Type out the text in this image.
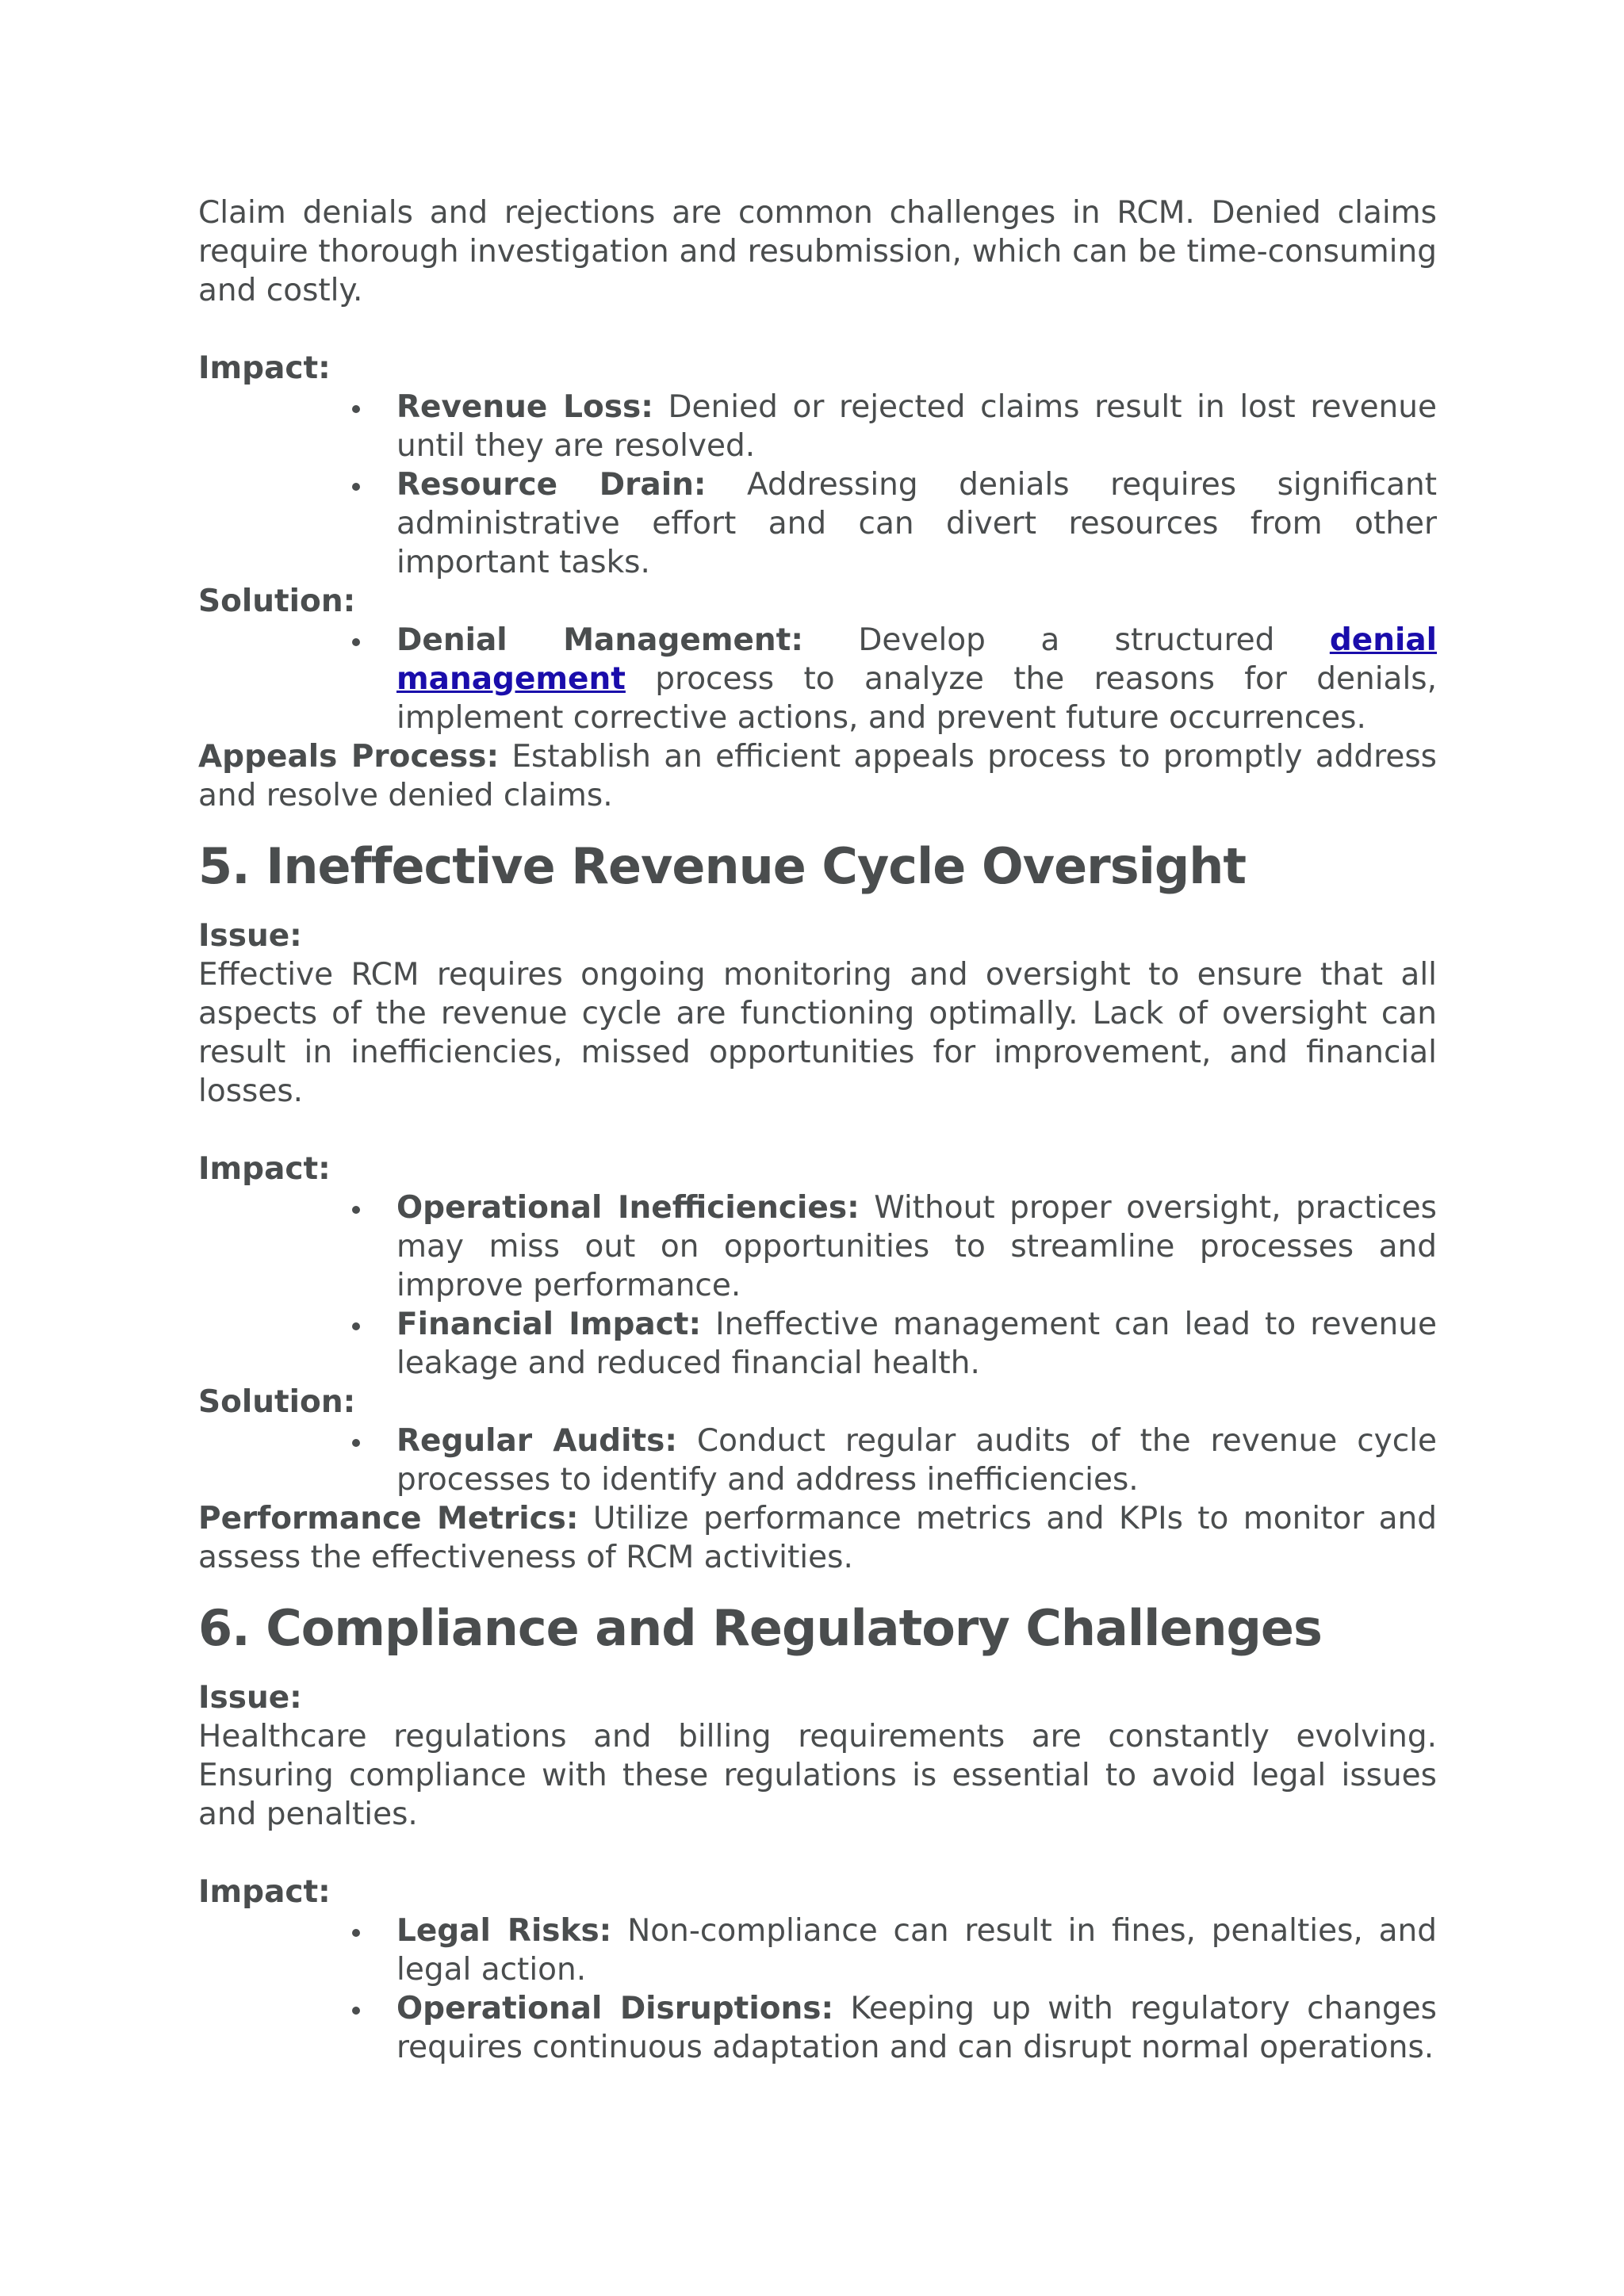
Claim denials and rejections are common challenges in RCM. Denied claims require thorough investigation and resubmission, which can be time-consuming and costly.

Impact:
Revenue Loss: Denied or rejected claims result in lost revenue until they are resolved.
Resource Drain: Addressing denials requires significant administrative effort and can divert resources from other important tasks.
Solution:
Denial Management: Develop a structured denial management process to analyze the reasons for denials, implement corrective actions, and prevent future occurrences.

Appeals Process: Establish an efficient appeals process to promptly address and resolve denied claims.

5. Ineffective Revenue Cycle Oversight
Issue:

Effective RCM requires ongoing monitoring and oversight to ensure that all aspects of the revenue cycle are functioning optimally. Lack of oversight can result in inefficiencies, missed opportunities for improvement, and financial losses.

Impact:
Operational Inefficiencies: Without proper oversight, practices may miss out on opportunities to streamline processes and improve performance.
Financial Impact: Ineffective management can lead to revenue leakage and reduced financial health.
Solution:
Regular Audits: Conduct regular audits of the revenue cycle processes to identify and address inefficiencies.

Performance Metrics: Utilize performance metrics and KPIs to monitor and assess the effectiveness of RCM activities.

6. Compliance and Regulatory Challenges
Issue:

Healthcare regulations and billing requirements are constantly evolving. Ensuring compliance with these regulations is essential to avoid legal issues and penalties.

Impact:
Legal Risks: Non-compliance can result in fines, penalties, and legal action.
Operational Disruptions: Keeping up with regulatory changes requires continuous adaptation and can disrupt normal operations.
